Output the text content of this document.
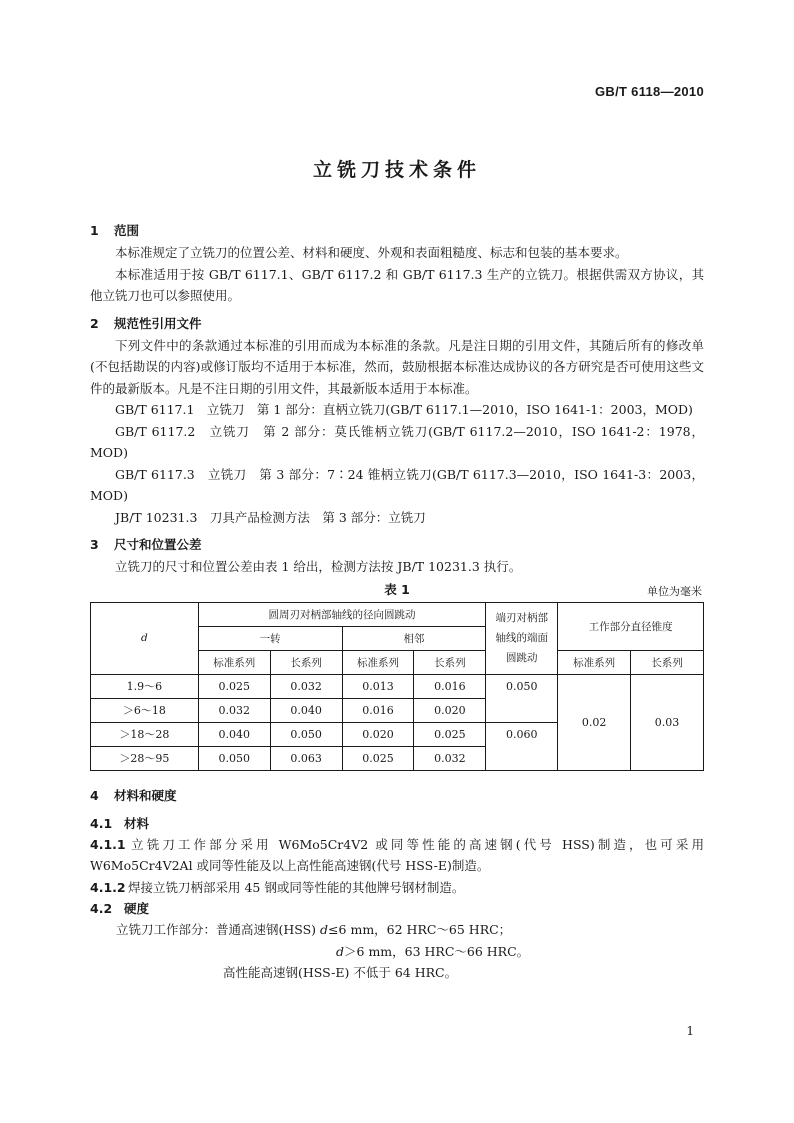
GB/T 6118—2010
立铣刀技术条件
1 范围

本标准规定了立铣刀的位置公差、材料和硬度、外观和表面粗糙度、标志和包装的基本要求。

本标准适用于按 GB/T 6117.1、GB/T 6117.2 和 GB/T 6117.3 生产的立铣刀。根据供需双方协议，其他立铣刀也可以参照使用。

2 规范性引用文件

下列文件中的条款通过本标准的引用而成为本标准的条款。凡是注日期的引用文件，其随后所有的修改单(不包括勘误的内容)或修订版均不适用于本标准，然而，鼓励根据本标准达成协议的各方研究是否可使用这些文件的最新版本。凡是不注日期的引用文件，其最新版本适用于本标准。

GB/T 6117.1　立铣刀　第 1 部分：直柄立铣刀(GB/T 6117.1—2010，ISO 1641-1：2003，MOD)

GB/T 6117.2　立铣刀　第 2 部分：莫氏锥柄立铣刀(GB/T 6117.2—2010，ISO 1641-2：1978，MOD)

GB/T 6117.3　立铣刀　第 3 部分：7∶24 锥柄立铣刀(GB/T 6117.3—2010，ISO 1641-3：2003，MOD)

JB/T 10231.3　刀具产品检测方法　第 3 部分：立铣刀

3 尺寸和位置公差

立铣刀的尺寸和位置公差由表 1 给出，检测方法按 JB/T 10231.3 执行。

表 1	单位为毫米
d	圆周刃对柄部轴线的径向圆跳动				端刃对柄部轴线的端面圆跳动	工作部分直径锥度	
	一转		相邻				
	标准系列	长系列	标准系列	长系列		标准系列	长系列
1.9～6	0.025	0.032	0.013	0.016	0.050	0.02	0.03
＞6～18	0.032	0.040	0.016	0.020			
＞18～28	0.040	0.050	0.020	0.025	0.060		
＞28～95	0.050	0.063	0.025	0.032			
4 材料和硬度
4.1 材料

4.1.1 立铣刀工作部分采用 W6Mo5Cr4V2 或同等性能的高速钢(代号 HSS)制造，也可采用 W6Mo5Cr4V2Al 或同等性能及以上高性能高速钢(代号 HSS-E)制造。

4.1.2 焊接立铣刀柄部采用 45 钢或同等性能的其他牌号钢材制造。

4.2 硬度
立铣刀工作部分：普通高速钢(HSS) d≤6 mm，62 HRC～65 HRC；
d＞6 mm，63 HRC～66 HRC。
高性能高速钢(HSS-E) 不低于 64 HRC。
1
